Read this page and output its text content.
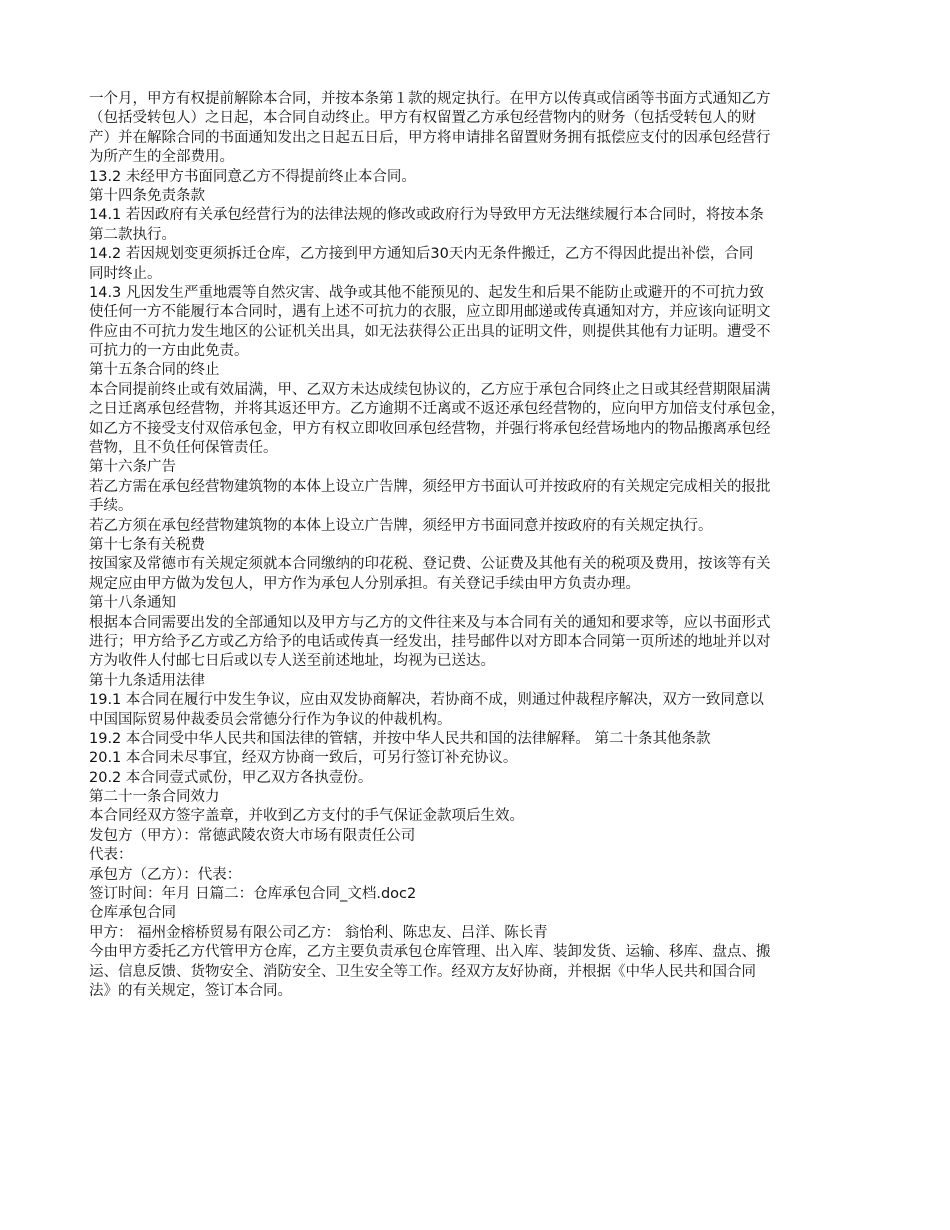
一个月，甲方有权提前解除本合同，并按本条第１款的规定执行。在甲方以传真或信函等书面方式通知乙方
（包括受转包人）之日起，本合同自动终止。甲方有权留置乙方承包经营物内的财务（包括受转包人的财
产）并在解除合同的书面通知发出之日起五日后，甲方将申请排名留置财务拥有抵偿应支付的因承包经营行
为所产生的全部费用。
13.2 未经甲方书面同意乙方不得提前终止本合同。
第十四条免责条款
14.1 若因政府有关承包经营行为的法律法规的修改或政府行为导致甲方无法继续履行本合同时，将按本条
第二款执行。
14.2 若因规划变更须拆迁仓库，乙方接到甲方通知后30天内无条件搬迁，乙方不得因此提出补偿，合同
同时终止。
14.3 凡因发生严重地震等自然灾害、战争或其他不能预见的、起发生和后果不能防止或避开的不可抗力致
使任何一方不能履行本合同时，遇有上述不可抗力的衣服，应立即用邮递或传真通知对方，并应该向证明文
件应由不可抗力发生地区的公证机关出具，如无法获得公正出具的证明文件，则提供其他有力证明。遭受不
可抗力的一方由此免责。
第十五条合同的终止
本合同提前终止或有效届满，甲、乙双方未达成续包协议的，乙方应于承包合同终止之日或其经营期限届满
之日迁离承包经营物，并将其返还甲方。乙方逾期不迁离或不返还承包经营物的，应向甲方加倍支付承包金，
如乙方不接受支付双倍承包金，甲方有权立即收回承包经营物，并强行将承包经营场地内的物品搬离承包经
营物，且不负任何保管责任。
第十六条广告
若乙方需在承包经营物建筑物的本体上设立广告牌，须经甲方书面认可并按政府的有关规定完成相关的报批
手续。
若乙方须在承包经营物建筑物的本体上设立广告牌，须经甲方书面同意并按政府的有关规定执行。
第十七条有关税费
按国家及常德市有关规定须就本合同缴纳的印花税、登记费、公证费及其他有关的税项及费用，按该等有关
规定应由甲方做为发包人，甲方作为承包人分别承担。有关登记手续由甲方负责办理。
第十八条通知
根据本合同需要出发的全部通知以及甲方与乙方的文件往来及与本合同有关的通知和要求等，应以书面形式
进行；甲方给予乙方或乙方给予的电话或传真一经发出，挂号邮件以对方即本合同第一页所述的地址并以对
方为收件人付邮七日后或以专人送至前述地址，均视为已送达。
第十九条适用法律
19.1 本合同在履行中发生争议，应由双发协商解决，若协商不成，则通过仲裁程序解决，双方一致同意以
中国国际贸易仲裁委员会常德分行作为争议的仲裁机构。
19.2 本合同受中华人民共和国法律的管辖，并按中华人民共和国的法律解释。 第二十条其他条款
20.1 本合同未尽事宜，经双方协商一致后，可另行签订补充协议。
20.2 本合同壹式贰份，甲乙双方各执壹份。
第二十一条合同效力
本合同经双方签字盖章，并收到乙方支付的手气保证金款项后生效。
发包方（甲方）：常德武陵农资大市场有限责任公司
代表：
承包方（乙方）：代表：
签订时间：年月 日篇二：仓库承包合同_文档.doc2
仓库承包合同
甲方： 福州金榕桥贸易有限公司乙方： 翁怡利、陈忠友、吕洋、陈长青
今由甲方委托乙方代管甲方仓库，乙方主要负责承包仓库管理、出入库、装卸发货、运输、移库、盘点、搬
运、信息反馈、货物安全、消防安全、卫生安全等工作。经双方友好协商，并根据《中华人民共和国合同
法》的有关规定，签订本合同。
